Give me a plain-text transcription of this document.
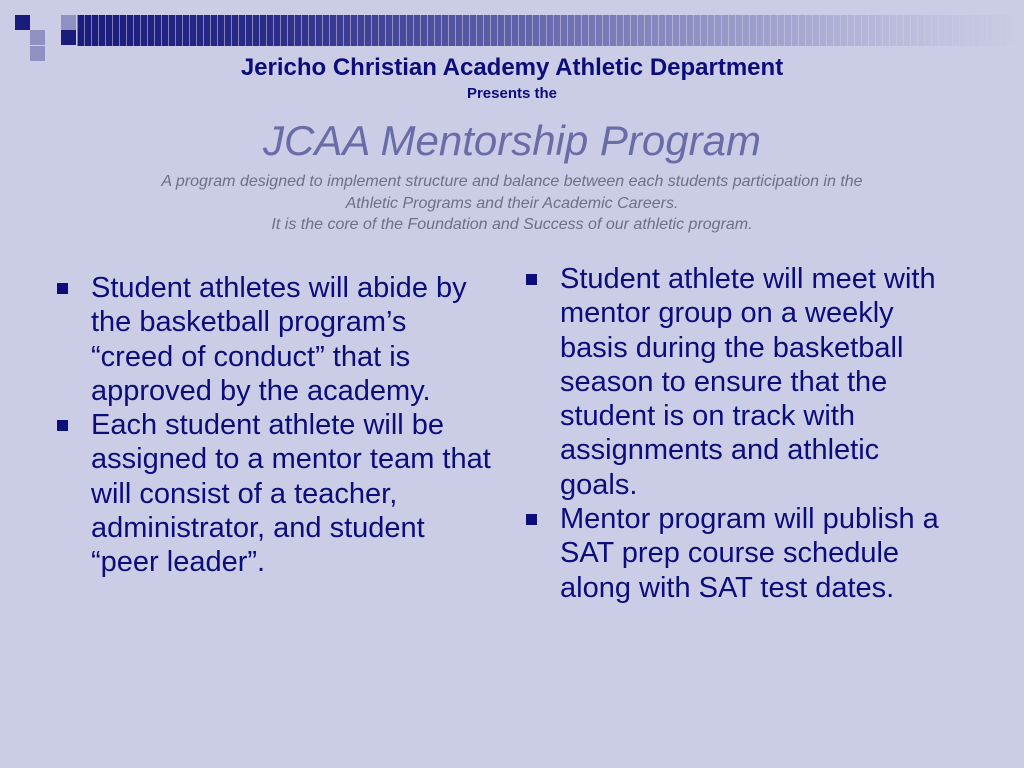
Jericho Christian Academy Athletic Department
Presents the
JCAA Mentorship Program
A program designed to implement structure and balance between each students participation in the
Athletic Programs and their Academic Careers.
It is the core of the Foundation and Success of our athletic program.
Student athletes will abide by the basketball program’s “creed of conduct” that is approved by the academy.
Each student athlete will be assigned to a mentor team that will consist of a teacher, administrator, and student “peer leader”.
Student athlete will meet with mentor group on a weekly basis during the basketball season to ensure that the student is on track with assignments and athletic goals.
Mentor program will publish a SAT prep course schedule along with SAT test dates.
